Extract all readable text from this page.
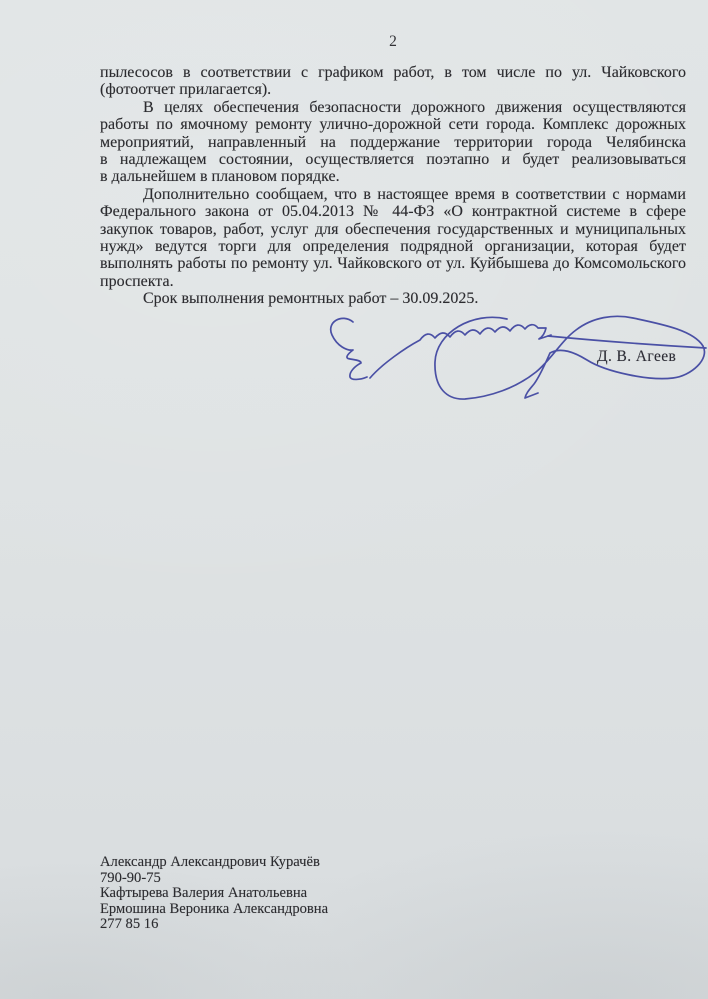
2
пылесосов в соответствии с графиком работ, в том числе по ул. Чайковского
(фотоотчет прилагается).
В целях обеспечения безопасности дорожного движения осуществляются
работы по ямочному ремонту улично-дорожной сети города. Комплекс дорожных
мероприятий, направленный на поддержание территории города Челябинска
в надлежащем состоянии, осуществляется поэтапно и будет реализовываться
в дальнейшем в плановом порядке.
Дополнительно сообщаем, что в настоящее время в соответствии с нормами
Федерального закона от 05.04.2013 № 44-ФЗ «О контрактной системе в сфере
закупок товаров, работ, услуг для обеспечения государственных и муниципальных
нужд» ведутся торги для определения подрядной организации, которая будет
выполнять работы по ремонту ул. Чайковского от ул. Куйбышева до Комсомольского
проспекта.
Срок выполнения ремонтных работ – 30.09.2025.
Д. В. Агеев
Александр Александрович Курачёв
790-90-75
Кафтырева Валерия Анатольевна
Ермошина Вероника Александровна
277 85 16
